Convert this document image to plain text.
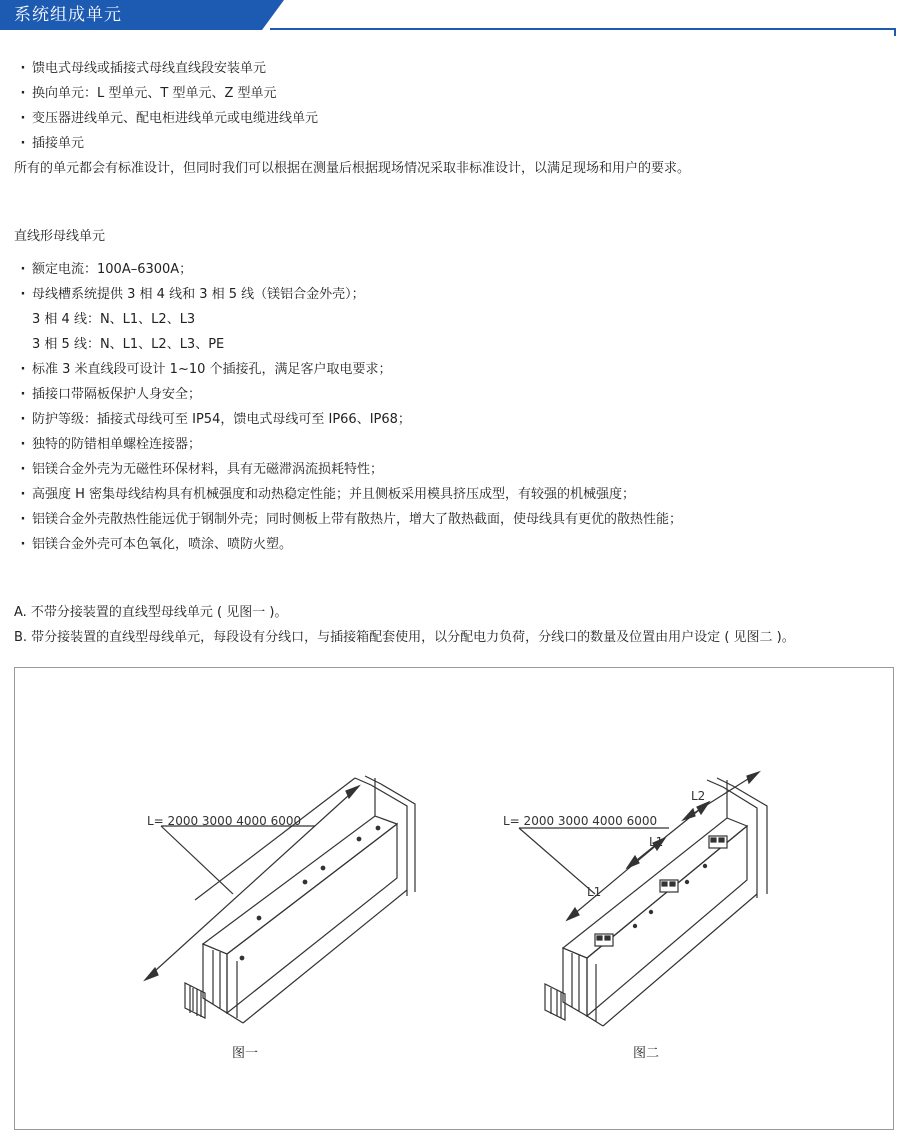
系统组成单元
· 馈电式母线或插接式母线直线段安装单元
· 换向单元：L 型单元、T 型单元、Z 型单元
· 变压器进线单元、配电柜进线单元或电缆进线单元
· 插接单元
所有的单元都会有标准设计，但同时我们可以根据在测量后根据现场情况采取非标准设计，以满足现场和用户的要求。
直线形母线单元
· 额定电流：100A–6300A；
· 母线槽系统提供 3 相 4 线和 3 相 5 线（镁铝合金外壳）；
3 相 4 线：N、L1、L2、L3
3 相 5 线：N、L1、L2、L3、PE
· 标准 3 米直线段可设计 1~10 个插接孔，满足客户取电要求；
· 插接口带隔板保护人身安全；
· 防护等级：插接式母线可至 IP54，馈电式母线可至 IP66、IP68；
· 独特的防错相单螺栓连接器；
· 铝镁合金外壳为无磁性环保材料，具有无磁滞涡流损耗特性；
· 高强度 H 密集母线结构具有机械强度和动热稳定性能；并且侧板采用模具挤压成型，有较强的机械强度；
· 铝镁合金外壳散热性能远优于钢制外壳；同时侧板上带有散热片，增大了散热截面，使母线具有更优的散热性能；
· 铝镁合金外壳可本色氧化，喷涂、喷防火塑。
A. 不带分接装置的直线型母线单元 ( 见图一 )。
B. 带分接装置的直线型母线单元，每段设有分线口，与插接箱配套使用，以分配电力负荷，分线口的数量及位置由用户设定 ( 见图二 )。
L= 2000 3000 4000 6000	L= 2000 3000 4000 6000
L1
L1
L2
图一	图二
